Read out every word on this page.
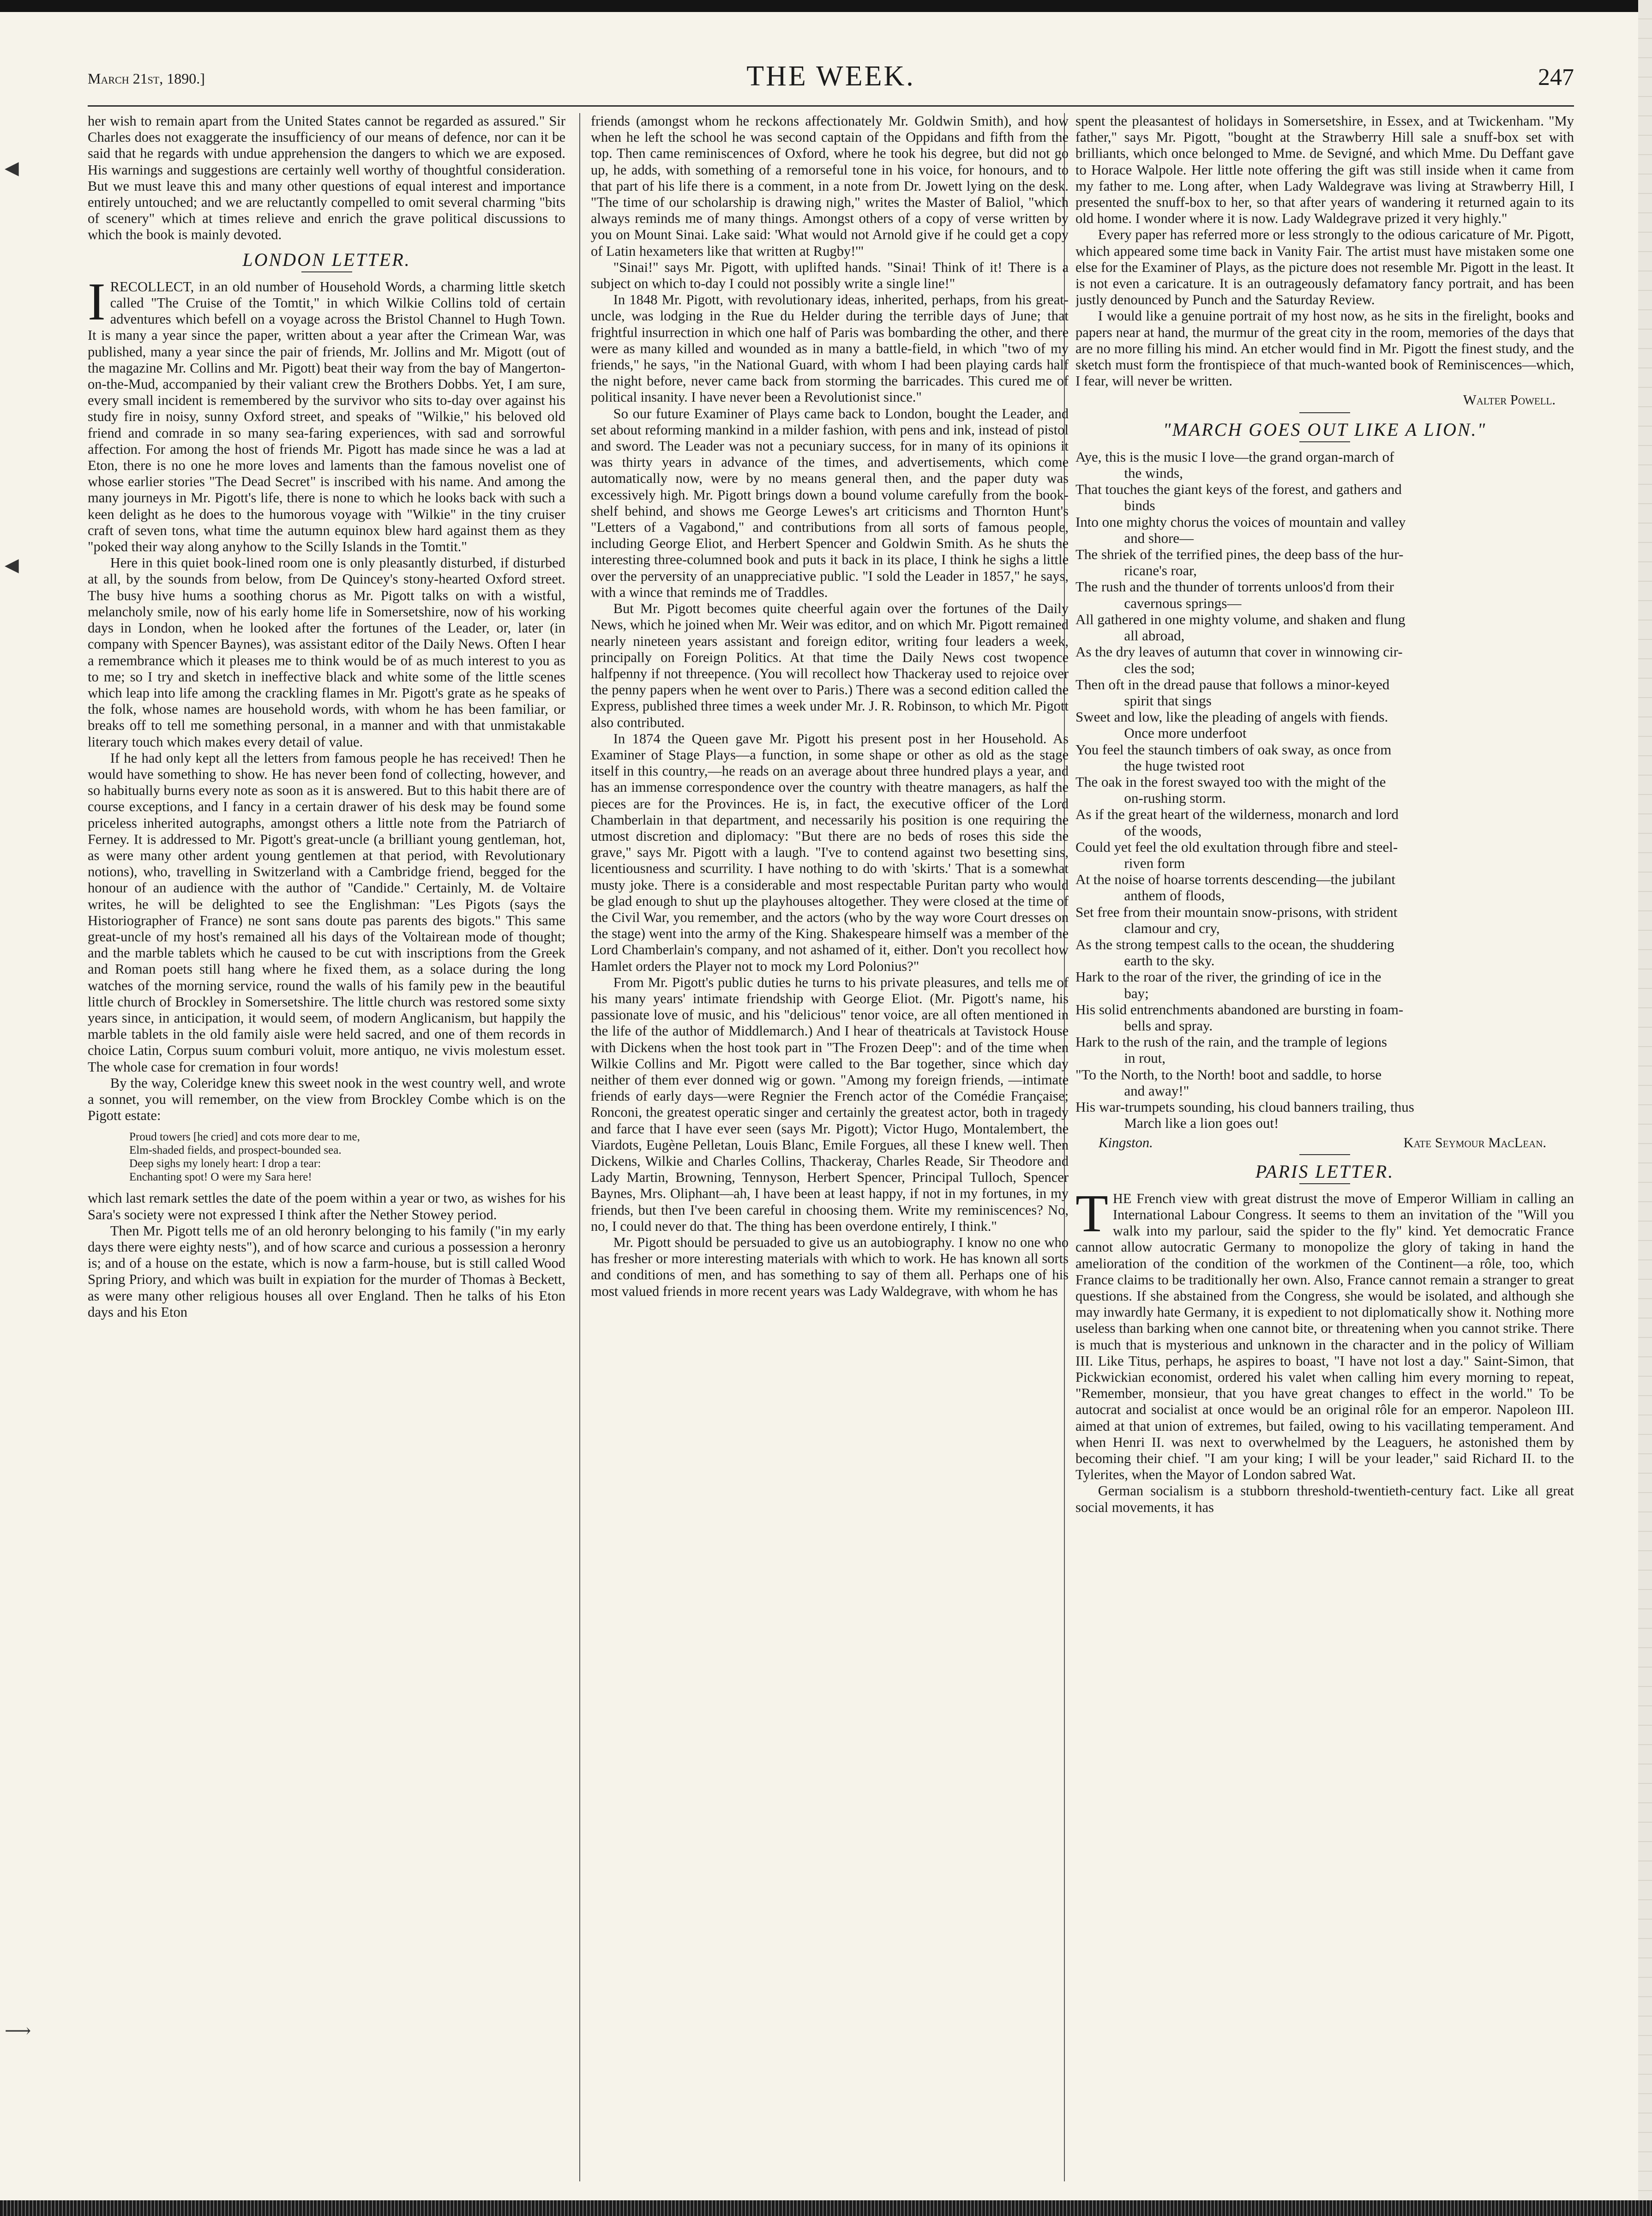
◀
◀
⟶
March 21st, 1890.]	THE WEEK.	247

her wish to remain apart from the United States cannot be regarded as assured." Sir Charles does not exaggerate the insufficiency of our means of defence, nor can it be said that he regards with undue apprehension the dangers to which we are exposed. His warnings and suggestions are certainly well worthy of thoughtful consideration. But we must leave this and many other questions of equal interest and importance entirely untouched; and we are reluctantly compelled to omit several charming "bits of scenery" which at times relieve and enrich the grave political discussions to which the book is mainly devoted.

LONDON LETTER.

IRECOLLECT, in an old number of Household Words, a charming little sketch called "The Cruise of the Tomtit," in which Wilkie Collins told of certain adventures which befell on a voyage across the Bristol Channel to Hugh Town. It is many a year since the paper, written about a year after the Crimean War, was published, many a year since the pair of friends, Mr. Jollins and Mr. Migott (out of the magazine Mr. Collins and Mr. Pigott) beat their way from the bay of Mangerton-on-the-Mud, accompanied by their valiant crew the Brothers Dobbs. Yet, I am sure, every small incident is remembered by the survivor who sits to-day over against his study fire in noisy, sunny Oxford street, and speaks of "Wilkie," his beloved old friend and comrade in so many sea-faring experiences, with sad and sorrowful affection. For among the host of friends Mr. Pigott has made since he was a lad at Eton, there is no one he more loves and laments than the famous novelist one of whose earlier stories "The Dead Secret" is inscribed with his name. And among the many journeys in Mr. Pigott's life, there is none to which he looks back with such a keen delight as he does to the humorous voyage with "Wilkie" in the tiny cruiser craft of seven tons, what time the autumn equinox blew hard against them as they "poked their way along anyhow to the Scilly Islands in the Tomtit."

Here in this quiet book-lined room one is only pleasantly disturbed, if disturbed at all, by the sounds from below, from De Quincey's stony-hearted Oxford street. The busy hive hums a soothing chorus as Mr. Pigott talks on with a wistful, melancholy smile, now of his early home life in Somersetshire, now of his working days in London, when he looked after the fortunes of the Leader, or, later (in company with Spencer Baynes), was assistant editor of the Daily News. Often I hear a remembrance which it pleases me to think would be of as much interest to you as to me; so I try and sketch in ineffective black and white some of the little scenes which leap into life among the crackling flames in Mr. Pigott's grate as he speaks of the folk, whose names are household words, with whom he has been familiar, or breaks off to tell me something personal, in a manner and with that unmistakable literary touch which makes every detail of value.

If he had only kept all the letters from famous people he has received! Then he would have something to show. He has never been fond of collecting, however, and so habitually burns every note as soon as it is answered. But to this habit there are of course exceptions, and I fancy in a certain drawer of his desk may be found some priceless inherited autographs, amongst others a little note from the Patriarch of Ferney. It is addressed to Mr. Pigott's great-uncle (a brilliant young gentleman, hot, as were many other ardent young gentlemen at that period, with Revolutionary notions), who, travelling in Switzerland with a Cambridge friend, begged for the honour of an audience with the author of "Candide." Certainly, M. de Voltaire writes, he will be delighted to see the Englishman: "Les Pigots (says the Historiographer of France) ne sont sans doute pas parents des bigots." This same great-uncle of my host's remained all his days of the Voltairean mode of thought; and the marble tablets which he caused to be cut with inscriptions from the Greek and Roman poets still hang where he fixed them, as a solace during the long watches of the morning service, round the walls of his family pew in the beautiful little church of Brockley in Somersetshire. The little church was restored some sixty years since, in anticipation, it would seem, of modern Anglicanism, but happily the marble tablets in the old family aisle were held sacred, and one of them records in choice Latin, Corpus suum comburi voluit, more antiquo, ne vivis molestum esset. The whole case for cremation in four words!

By the way, Coleridge knew this sweet nook in the west country well, and wrote a sonnet, you will remember, on the view from Brockley Combe which is on the Pigott estate:

Proud towers [he cried] and cots more dear to me,
Elm-shaded fields, and prospect-bounded sea.
Deep sighs my lonely heart: I drop a tear:
Enchanting spot! O were my Sara here!

which last remark settles the date of the poem within a year or two, as wishes for his Sara's society were not expressed I think after the Nether Stowey period.

Then Mr. Pigott tells me of an old heronry belonging to his family ("in my early days there were eighty nests"), and of how scarce and curious a possession a heronry is; and of a house on the estate, which is now a farm-house, but is still called Wood Spring Priory, and which was built in expiation for the murder of Thomas à Beckett, as were many other religious houses all over England. Then he talks of his Eton days and his Eton

friends (amongst whom he reckons affectionately Mr. Goldwin Smith), and how when he left the school he was second captain of the Oppidans and fifth from the top. Then came reminiscences of Oxford, where he took his degree, but did not go up, he adds, with something of a remorseful tone in his voice, for honours, and to that part of his life there is a comment, in a note from Dr. Jowett lying on the desk. "The time of our scholarship is drawing nigh," writes the Master of Baliol, "which always reminds me of many things. Amongst others of a copy of verse written by you on Mount Sinai. Lake said: 'What would not Arnold give if he could get a copy of Latin hexameters like that written at Rugby!'"

"Sinai!" says Mr. Pigott, with uplifted hands. "Sinai! Think of it! There is a subject on which to-day I could not possibly write a single line!"

In 1848 Mr. Pigott, with revolutionary ideas, inherited, perhaps, from his great-uncle, was lodging in the Rue du Helder during the terrible days of June; that frightful insurrection in which one half of Paris was bombarding the other, and there were as many killed and wounded as in many a battle-field, in which "two of my friends," he says, "in the National Guard, with whom I had been playing cards half the night before, never came back from storming the barricades. This cured me of political insanity. I have never been a Revolutionist since."

So our future Examiner of Plays came back to London, bought the Leader, and set about reforming mankind in a milder fashion, with pens and ink, instead of pistol and sword. The Leader was not a pecuniary success, for in many of its opinions it was thirty years in advance of the times, and advertisements, which come automatically now, were by no means general then, and the paper duty was excessively high. Mr. Pigott brings down a bound volume carefully from the book-shelf behind, and shows me George Lewes's art criticisms and Thornton Hunt's "Letters of a Vagabond," and contributions from all sorts of famous people, including George Eliot, and Herbert Spencer and Goldwin Smith. As he shuts the interesting three-columned book and puts it back in its place, I think he sighs a little over the perversity of an unappreciative public. "I sold the Leader in 1857," he says, with a wince that reminds me of Traddles.

But Mr. Pigott becomes quite cheerful again over the fortunes of the Daily News, which he joined when Mr. Weir was editor, and on which Mr. Pigott remained nearly nineteen years assistant and foreign editor, writing four leaders a week, principally on Foreign Politics. At that time the Daily News cost twopence halfpenny if not threepence. (You will recollect how Thackeray used to rejoice over the penny papers when he went over to Paris.) There was a second edition called the Express, published three times a week under Mr. J. R. Robinson, to which Mr. Pigott also contributed.

In 1874 the Queen gave Mr. Pigott his present post in her Household. As Examiner of Stage Plays—a function, in some shape or other as old as the stage itself in this country,—he reads on an average about three hundred plays a year, and has an immense correspondence over the country with theatre managers, as half the pieces are for the Provinces. He is, in fact, the executive officer of the Lord Chamberlain in that department, and necessarily his position is one requiring the utmost discretion and diplomacy: "But there are no beds of roses this side the grave," says Mr. Pigott with a laugh. "I've to contend against two besetting sins, licentiousness and scurrility. I have nothing to do with 'skirts.' That is a somewhat musty joke. There is a considerable and most respectable Puritan party who would be glad enough to shut up the playhouses altogether. They were closed at the time of the Civil War, you remember, and the actors (who by the way wore Court dresses on the stage) went into the army of the King. Shakespeare himself was a member of the Lord Chamberlain's company, and not ashamed of it, either. Don't you recollect how Hamlet orders the Player not to mock my Lord Polonius?"

From Mr. Pigott's public duties he turns to his private pleasures, and tells me of his many years' intimate friendship with George Eliot. (Mr. Pigott's name, his passionate love of music, and his "delicious" tenor voice, are all often mentioned in the life of the author of Middlemarch.) And I hear of theatricals at Tavistock House with Dickens when the host took part in "The Frozen Deep": and of the time when Wilkie Collins and Mr. Pigott were called to the Bar together, since which day neither of them ever donned wig or gown. "Among my foreign friends, —intimate friends of early days—were Regnier the French actor of the Comédie Française; Ronconi, the greatest operatic singer and certainly the greatest actor, both in tragedy and farce that I have ever seen (says Mr. Pigott); Victor Hugo, Montalembert, the Viardots, Eugène Pelletan, Louis Blanc, Emile Forgues, all these I knew well. Then Dickens, Wilkie and Charles Collins, Thackeray, Charles Reade, Sir Theodore and Lady Martin, Browning, Tennyson, Herbert Spencer, Principal Tulloch, Spencer Baynes, Mrs. Oliphant—ah, I have been at least happy, if not in my fortunes, in my friends, but then I've been careful in choosing them. Write my reminiscences? No, no, I could never do that. The thing has been overdone entirely, I think."

Mr. Pigott should be persuaded to give us an autobiography. I know no one who has fresher or more interesting materials with which to work. He has known all sorts and conditions of men, and has something to say of them all. Perhaps one of his most valued friends in more recent years was Lady Waldegrave, with whom he has

spent the pleasantest of holidays in Somersetshire, in Essex, and at Twickenham. "My father," says Mr. Pigott, "bought at the Strawberry Hill sale a snuff-box set with brilliants, which once belonged to Mme. de Sevigné, and which Mme. Du Deffant gave to Horace Walpole. Her little note offering the gift was still inside when it came from my father to me. Long after, when Lady Waldegrave was living at Strawberry Hill, I presented the snuff-box to her, so that after years of wandering it returned again to its old home. I wonder where it is now. Lady Waldegrave prized it very highly."

Every paper has referred more or less strongly to the odious caricature of Mr. Pigott, which appeared some time back in Vanity Fair. The artist must have mistaken some one else for the Examiner of Plays, as the picture does not resemble Mr. Pigott in the least. It is not even a caricature. It is an outrageously defamatory fancy portrait, and has been justly denounced by Punch and the Saturday Review.

I would like a genuine portrait of my host now, as he sits in the firelight, books and papers near at hand, the murmur of the great city in the room, memories of the days that are no more filling his mind. An etcher would find in Mr. Pigott the finest study, and the sketch must form the frontispiece of that much-wanted book of Reminiscences—which, I fear, will never be written.

Walter Powell.
"MARCH GOES OUT LIKE A LION."
Aye, this is the music I love—the grand organ-march of
the winds,
That touches the giant keys of the forest, and gathers and
binds
Into one mighty chorus the voices of mountain and valley
and shore—
The shriek of the terrified pines, the deep bass of the hur-
ricane's roar,
The rush and the thunder of torrents unloos'd from their
cavernous springs—
All gathered in one mighty volume, and shaken and flung
all abroad,
As the dry leaves of autumn that cover in winnowing cir-
cles the sod;
Then oft in the dread pause that follows a minor-keyed
spirit that sings
Sweet and low, like the pleading of angels with fiends.
Once more underfoot
You feel the staunch timbers of oak sway, as once from
the huge twisted root
The oak in the forest swayed too with the might of the
on-rushing storm.
As if the great heart of the wilderness, monarch and lord
of the woods,
Could yet feel the old exultation through fibre and steel-
riven form
At the noise of hoarse torrents descending—the jubilant
anthem of floods,
Set free from their mountain snow-prisons, with strident
clamour and cry,
As the strong tempest calls to the ocean, the shuddering
earth to the sky.
Hark to the roar of the river, the grinding of ice in the
bay;
His solid entrenchments abandoned are bursting in foam-
bells and spray.
Hark to the rush of the rain, and the trample of legions
in rout,
"To the North, to the North! boot and saddle, to horse
and away!"
His war-trumpets sounding, his cloud banners trailing, thus
March like a lion goes out!
Kingston.	Kate Seymour MacLean.
PARIS LETTER.

THE French view with great distrust the move of Emperor William in calling an International Labour Congress. It seems to them an invitation of the "Will you walk into my parlour, said the spider to the fly" kind. Yet democratic France cannot allow autocratic Germany to monopolize the glory of taking in hand the amelioration of the condition of the workmen of the Continent—a rôle, too, which France claims to be traditionally her own. Also, France cannot remain a stranger to great questions. If she abstained from the Congress, she would be isolated, and although she may inwardly hate Germany, it is expedient to not diplomatically show it. Nothing more useless than barking when one cannot bite, or threatening when you cannot strike. There is much that is mysterious and unknown in the character and in the policy of William III. Like Titus, perhaps, he aspires to boast, "I have not lost a day." Saint-Simon, that Pickwickian economist, ordered his valet when calling him every morning to repeat, "Remember, monsieur, that you have great changes to effect in the world." To be autocrat and socialist at once would be an original rôle for an emperor. Napoleon III. aimed at that union of extremes, but failed, owing to his vacillating temperament. And when Henri II. was next to overwhelmed by the Leaguers, he astonished them by becoming their chief. "I am your king; I will be your leader," said Richard II. to the Tylerites, when the Mayor of London sabred Wat.

German socialism is a stubborn threshold-twentieth-century fact. Like all great social movements, it has
